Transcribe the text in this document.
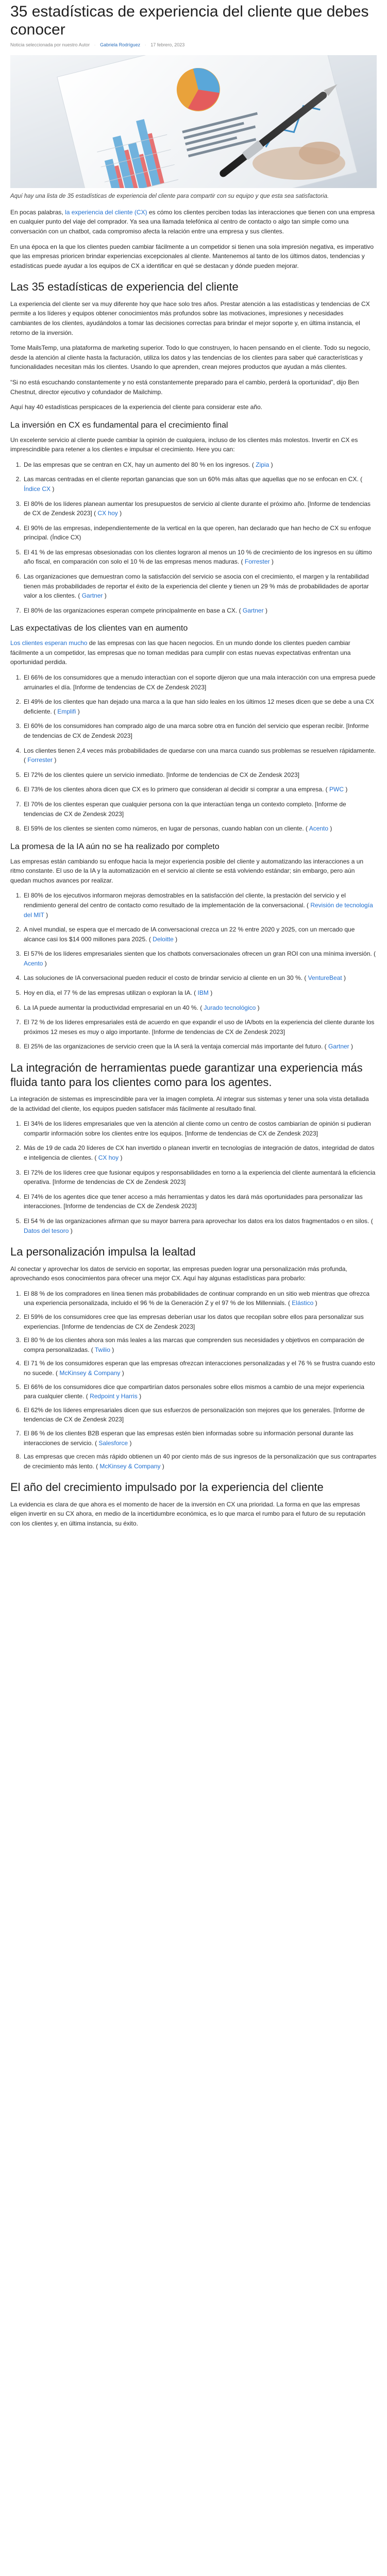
35 estadísticas de experiencia del cliente que debes conocer
Noticia seleccionada por nuestro Autor · Gabriela Rodríguez · 17 febrero, 2023

Aquí hay una lista de 35 estadísticas de experiencia del cliente para compartir con su equipo y que esta sea satisfactoria.

En pocas palabras, la experiencia del cliente (CX) es cómo los clientes perciben todas las interacciones que tienen con una empresa en cualquier punto del viaje del comprador. Ya sea una llamada telefónica al centro de contacto o algo tan simple como una conversación con un chatbot, cada compromiso afecta la relación entre una empresa y sus clientes.

En una época en la que los clientes pueden cambiar fácilmente a un competidor si tienen una sola impresión negativa, es imperativo que las empresas prioricen brindar experiencias excepcionales al cliente. Mantenemos al tanto de los últimos datos, tendencias y estadísticas puede ayudar a los equipos de CX a identificar en qué se destacan y dónde pueden mejorar.

Las 35 estadísticas de experiencia del cliente

La experiencia del cliente ser va muy diferente hoy que hace solo tres años. Prestar atención a las estadísticas y tendencias de CX permite a los líderes y equipos obtener conocimientos más profundos sobre las motivaciones, impresiones y necesidades cambiantes de los clientes, ayudándolos a tomar las decisiones correctas para brindar el mejor soporte y, en última instancia, el retorno de la inversión.

Tome MailsTemp, una plataforma de marketing superior. Todo lo que construyen, lo hacen pensando en el cliente. Todo su negocio, desde la atención al cliente hasta la facturación, utiliza los datos y las tendencias de los clientes para saber qué características y funcionalidades necesitan más los clientes. Usando lo que aprenden, crean mejores productos que ayudan a más clientes.

“Si no está escuchando constantemente y no está constantemente preparado para el cambio, perderá la oportunidad”, dijo Ben Chestnut, director ejecutivo y cofundador de Mailchimp.

Aquí hay 40 estadísticas perspicaces de la experiencia del cliente para considerar este año.

La inversión en CX es fundamental para el crecimiento final

Un excelente servicio al cliente puede cambiar la opinión de cualquiera, incluso de los clientes más molestos. Invertir en CX es imprescindible para retener a los clientes e impulsar el crecimiento. Here you can:

1. De las empresas que se centran en CX, hay un aumento del 80 % en los ingresos. ( Zipia )
2. Las marcas centradas en el cliente reportan ganancias que son un 60% más altas que aquellas que no se enfocan en CX. ( Índice CX )
3. El 80% de los líderes planean aumentar los presupuestos de servicio al cliente durante el próximo año. [Informe de tendencias de CX de Zendesk 2023] ( CX hoy )
4. El 90% de las empresas, independientemente de la vertical en la que operen, han declarado que han hecho de CX su enfoque principal. (Índice CX)
5. El 41 % de las empresas obsesionadas con los clientes lograron al menos un 10 % de crecimiento de los ingresos en su último año fiscal, en comparación con solo el 10 % de las empresas menos maduras. ( Forrester )
6. Las organizaciones que demuestran como la satisfacción del servicio se asocia con el crecimiento, el margen y la rentabilidad tienen más probabilidades de reportar el éxito de la experiencia del cliente y tienen un 29 % más de probabilidades de aportar valor a los clientes. ( Gartner )
7. El 80% de las organizaciones esperan compete principalmente en base a CX. ( Gartner )
Las expectativas de los clientes van en aumento

Los clientes esperan mucho de las empresas con las que hacen negocios. En un mundo donde los clientes pueden cambiar fácilmente a un competidor, las empresas que no toman medidas para cumplir con estas nuevas expectativas enfrentan una oportunidad perdida.

1. El 66% de los consumidores que a menudo interactúan con el soporte dijeron que una mala interacción con una empresa puede arruinarles el día. [Informe de tendencias de CX de Zendesk 2023]
2. El 49% de los clientes que han dejado una marca a la que han sido leales en los últimos 12 meses dicen que se debe a una CX deficiente. ( Emplifi )
3. El 60% de los consumidores han comprado algo de una marca sobre otra en función del servicio que esperan recibir. [Informe de tendencias de CX de Zendesk 2023]
4. Los clientes tienen 2,4 veces más probabilidades de quedarse con una marca cuando sus problemas se resuelven rápidamente. ( Forrester )
5. El 72% de los clientes quiere un servicio inmediato. [Informe de tendencias de CX de Zendesk 2023]
6. El 73% de los clientes ahora dicen que CX es lo primero que consideran al decidir si comprar a una empresa. ( PWC )
7. El 70% de los clientes esperan que cualquier persona con la que interactúan tenga un contexto completo. [Informe de tendencias de CX de Zendesk 2023]
8. El 59% de los clientes se sienten como números, en lugar de personas, cuando hablan con un cliente. ( Acento )
La promesa de la IA aún no se ha realizado por completo

Las empresas están cambiando su enfoque hacia la mejor experiencia posible del cliente y automatizando las interacciones a un ritmo constante. El uso de la IA y la automatización en el servicio al cliente se está volviendo estándar; sin embargo, pero aún quedan muchos avances por realizar.

1. El 80% de los ejecutivos informaron mejoras demostrables en la satisfacción del cliente, la prestación del servicio y el rendimiento general del centro de contacto como resultado de la implementación de la conversacional. ( Revisión de tecnología del MIT )
2. A nivel mundial, se espera que el mercado de IA conversacional crezca un 22 % entre 2020 y 2025, con un mercado que alcance casi los $14 000 millones para 2025. ( Deloitte )
3. El 57% de los líderes empresariales sienten que los chatbots conversacionales ofrecen un gran ROI con una mínima inversión. ( Acento )
4. Las soluciones de IA conversacional pueden reducir el costo de brindar servicio al cliente en un 30 %. ( VentureBeat )
5. Hoy en día, el 77 % de las empresas utilizan o exploran la IA. ( IBM )
6. La IA puede aumentar la productividad empresarial en un 40 %. ( Jurado tecnológico )
7. El 72 % de los líderes empresariales está de acuerdo en que expandir el uso de IA/bots en la experiencia del cliente durante los próximos 12 meses es muy o algo importante. [Informe de tendencias de CX de Zendesk 2023]
8. El 25% de las organizaciones de servicio creen que la IA será la ventaja comercial más importante del futuro. ( Gartner )
La integración de herramientas puede garantizar una experiencia más fluida tanto para los clientes como para los agentes.

La integración de sistemas es imprescindible para ver la imagen completa. Al integrar sus sistemas y tener una sola vista detallada de la actividad del cliente, los equipos pueden satisfacer más fácilmente al resultado final.

1. El 34% de los líderes empresariales que ven la atención al cliente como un centro de costos cambiarían de opinión si pudieran compartir información sobre los clientes entre los equipos. [Informe de tendencias de CX de Zendesk 2023]
2. Más de 19 de cada 20 líderes de CX han invertido o planean invertir en tecnologías de integración de datos, integridad de datos e inteligencia de clientes. ( CX hoy )
3. El 72% de los líderes cree que fusionar equipos y responsabilidades en torno a la experiencia del cliente aumentará la eficiencia operativa. [Informe de tendencias de CX de Zendesk 2023]
4. El 74% de los agentes dice que tener acceso a más herramientas y datos les dará más oportunidades para personalizar las interacciones. [Informe de tendencias de CX de Zendesk 2023]
5. El 54 % de las organizaciones afirman que su mayor barrera para aprovechar los datos era los datos fragmentados o en silos. ( Datos del tesoro )
La personalización impulsa la lealtad

Al conectar y aprovechar los datos de servicio en soportar, las empresas pueden lograr una personalización más profunda, aprovechando esos conocimientos para ofrecer una mejor CX. Aquí hay algunas estadísticas para probarlo:

1. El 88 % de los compradores en línea tienen más probabilidades de continuar comprando en un sitio web mientras que ofrezca una experiencia personalizada, incluido el 96 % de la Generación Z y el 97 % de los Millennials. ( Elástico )
2. El 59% de los consumidores cree que las empresas deberían usar los datos que recopilan sobre ellos para personalizar sus experiencias. [Informe de tendencias de CX de Zendesk 2023]
3. El 80 % de los clientes ahora son más leales a las marcas que comprenden sus necesidades y objetivos en comparación de compra personalizadas. ( Twilio )
4. El 71 % de los consumidores esperan que las empresas ofrezcan interacciones personalizadas y el 76 % se frustra cuando esto no sucede. ( McKinsey & Company )
5. El 66% de los consumidores dice que compartirían datos personales sobre ellos mismos a cambio de una mejor experiencia para cualquier cliente. ( Redpoint y Harris )
6. El 62% de los líderes empresariales dicen que sus esfuerzos de personalización son mejores que los generales. [Informe de tendencias de CX de Zendesk 2023]
7. El 86 % de los clientes B2B esperan que las empresas estén bien informadas sobre su información personal durante las interacciones de servicio. ( Salesforce )
8. Las empresas que crecen más rápido obtienen un 40 por ciento más de sus ingresos de la personalización que sus contrapartes de crecimiento más lento. ( McKinsey & Company )
El año del crecimiento impulsado por la experiencia del cliente

La evidencia es clara de que ahora es el momento de hacer de la inversión en CX una prioridad. La forma en que las empresas eligen invertir en su CX ahora, en medio de la incertidumbre económica, es lo que marca el rumbo para el futuro de su reputación con los clientes y, en última instancia, su éxito.
